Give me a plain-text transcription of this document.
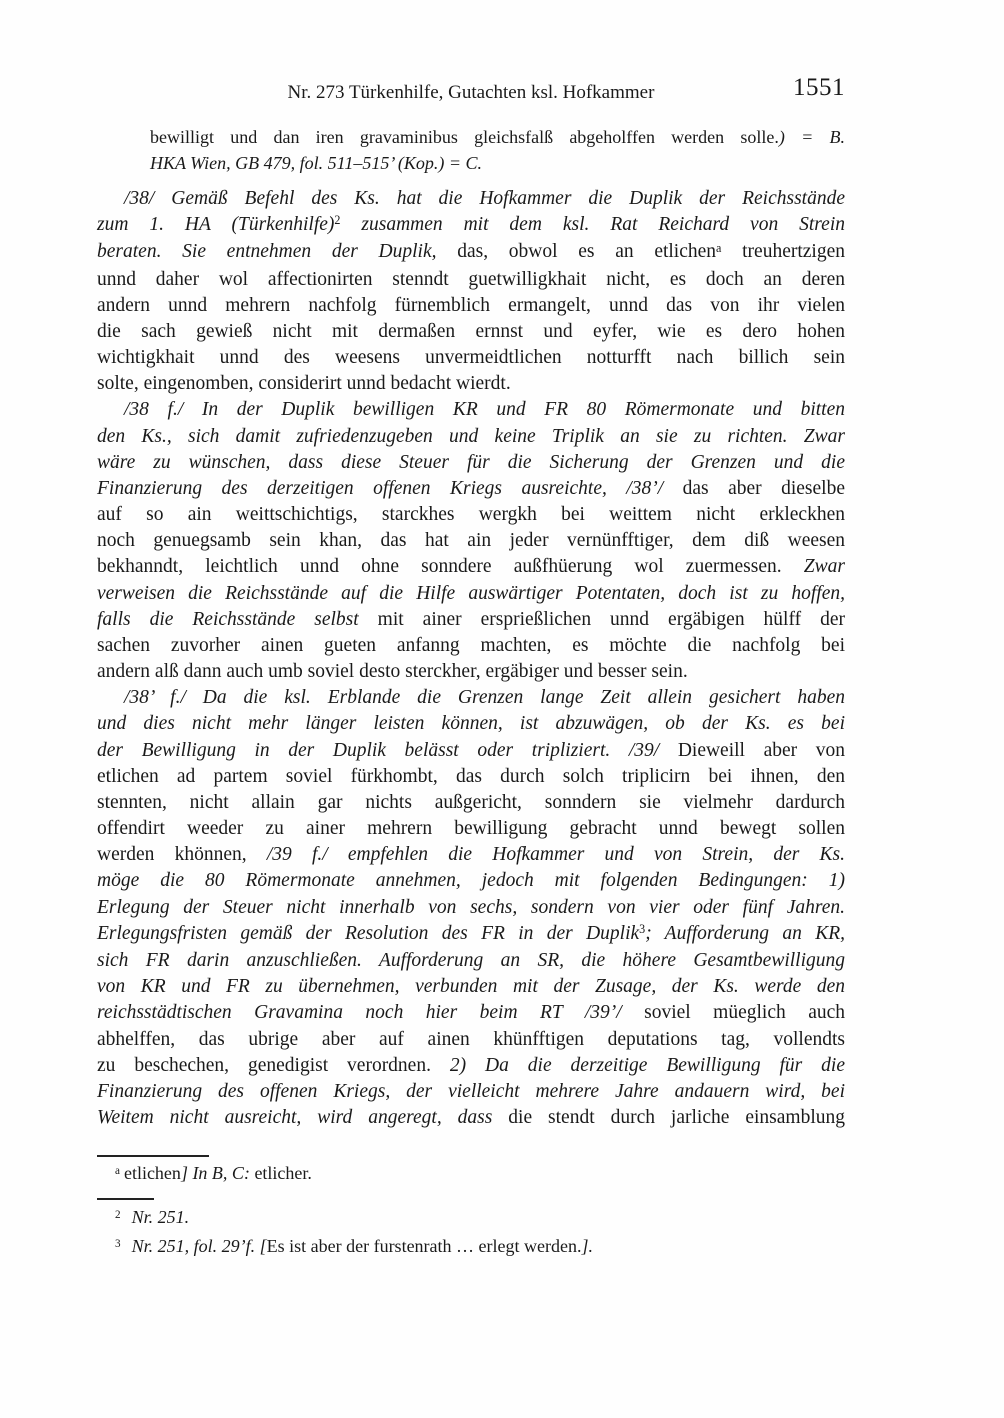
Nr. 273 Türkenhilfe, Gutachten ksl. Hofkammer	1551
bewilligt und dan iren gravaminibus gleichsfalß abgeholffen werden solle.) = B.
HKA Wien, GB 479, fol. 511–515’ (Kop.) = C.
/38/ Gemäß Befehl des Ks. hat die Hofkammer die Duplik der Reichsstände
zum 1. HA (Türkenhilfe)$^2$ zusammen mit dem ksl. Rat Reichard von Strein
beraten. Sie entnehmen der Duplik, das, obwol es an etlichen$^a$ treuhertzigen
unnd daher wol affectionirten stenndt guetwilligkhait nicht, es doch an deren
andern unnd mehrern nachfolg fürnemblich ermangelt, unnd das von ihr vielen
die sach gewieß nicht mit dermaßen ernnst und eyfer, wie es dero hohen
wichtigkhait unnd des weesens unvermeidtlichen notturfft nach billich sein
solte, eingenomben, considerirt unnd bedacht wierdt.
/38 f./ In der Duplik bewilligen KR und FR 80 Römermonate und bitten
den Ks., sich damit zufriedenzugeben und keine Triplik an sie zu richten. Zwar
wäre zu wünschen, dass diese Steuer für die Sicherung der Grenzen und die
Finanzierung des derzeitigen offenen Kriegs ausreichte, /38’/ das aber dieselbe
auf so ain weittschichtigs, starckhes wergkh bei weittem nicht erkleckhen
noch genuegsamb sein khan, das hat ain jeder vernünfftiger, dem diß weesen
bekhanndt, leichtlich unnd ohne sonndere außfhüerung wol zuermessen. Zwar
verweisen die Reichsstände auf die Hilfe auswärtiger Potentaten, doch ist zu hoffen,
falls die Reichsstände selbst mit ainer ersprießlichen unnd ergäbigen hülff der
sachen zuvorher ainen gueten anfanng machten, es möchte die nachfolg bei
andern alß dann auch umb soviel desto sterckher, ergäbiger und besser sein.
/38’ f./ Da die ksl. Erblande die Grenzen lange Zeit allein gesichert haben
und dies nicht mehr länger leisten können, ist abzuwägen, ob der Ks. es bei
der Bewilligung in der Duplik belässt oder tripliziert. /39/ Dieweill aber von
etlichen ad partem soviel fürkhombt, das durch solch triplicirn bei ihnen, den
stennten, nicht allain gar nichts außgericht, sonndern sie vielmehr dardurch
offendirt weeder zu ainer mehrern bewilligung gebracht unnd bewegt sollen
werden khönnen, /39 f./ empfehlen die Hofkammer und von Strein, der Ks.
möge die 80 Römermonate annehmen, jedoch mit folgenden Bedingungen: 1)
Erlegung der Steuer nicht innerhalb von sechs, sondern von vier oder fünf Jahren.
Erlegungsfristen gemäß der Resolution des FR in der Duplik$^3$; Aufforderung an KR,
sich FR darin anzuschließen. Aufforderung an SR, die höhere Gesamtbewilligung
von KR und FR zu übernehmen, verbunden mit der Zusage, der Ks. werde den
reichsstädtischen Gravamina noch hier beim RT /39’/ soviel müeglich auch
abhelffen, das ubrige aber auf ainen khünfftigen deputations tag, vollendts
zu beschechen, genedigist verordnen. 2) Da die derzeitige Bewilligung für die
Finanzierung des offenen Kriegs, der vielleicht mehrere Jahre andauern wird, bei
Weitem nicht ausreicht, wird angeregt, dass die stendt durch jarliche einsamblung
$^a$ etlichen] In B, C: etlicher.
$^2$ Nr. 251.
$^3$ Nr. 251, fol. 29’f. [Es ist aber der furstenrath … erlegt werden.].
